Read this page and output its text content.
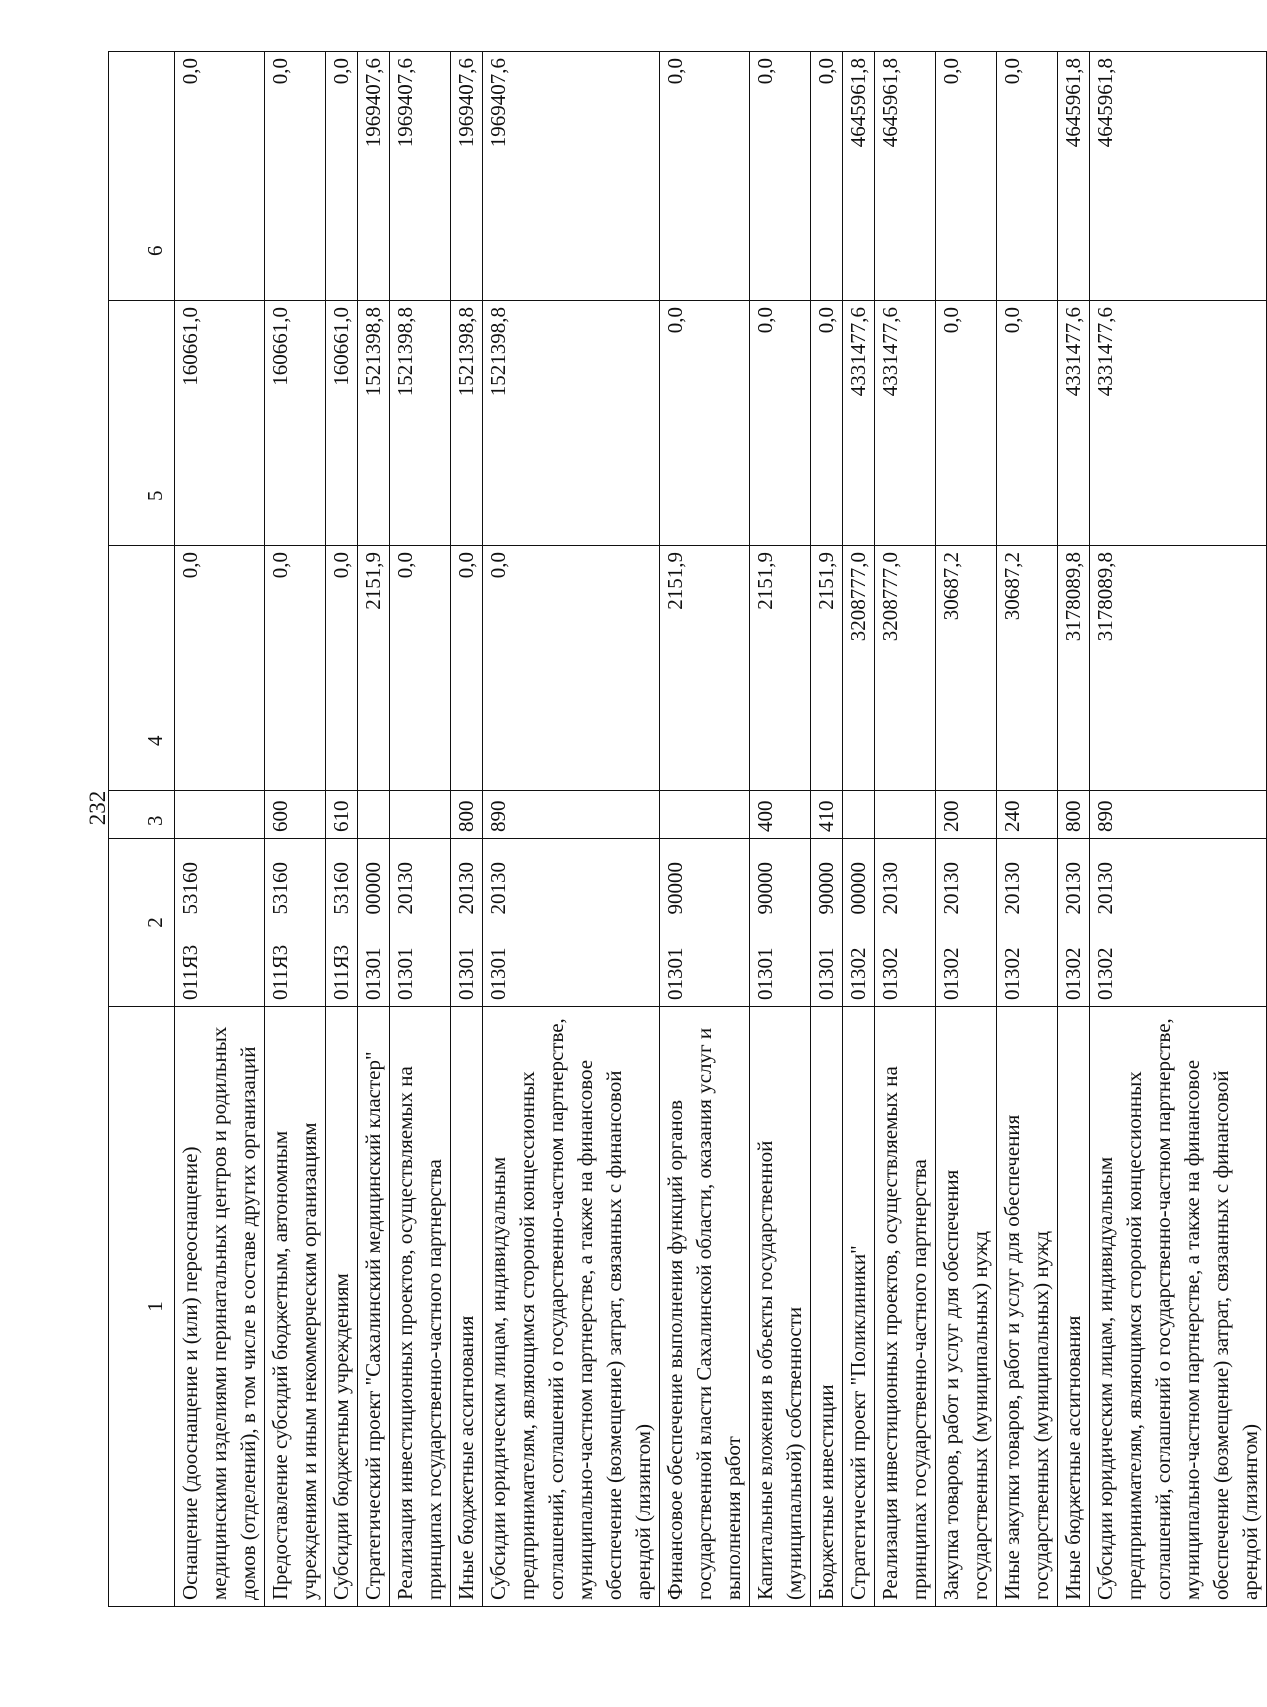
232
1	2		3	4	5	6
Оснащение (дооснащение и (или) переоснащение) медицинскими изделиями перинатальных центров и родильных домов (отделений), в том числе в составе других организаций	011Я3	53160		0,0	160661,0	0,0
Предоставление субсидий бюджетным, автономным учреждениям и иным некоммерческим организациям	011Я3	53160	600	0,0	160661,0	0,0
Субсидии бюджетным учреждениям	011Я3	53160	610	0,0	160661,0	0,0
Стратегический проект "Сахалинский медицинский кластер"	01301	00000		2151,9	1521398,8	1969407,6
Реализация инвестиционных проектов, осуществляемых на принципах государственно-частного партнерства	01301	20130		0,0	1521398,8	1969407,6
Иные бюджетные ассигнования	01301	20130	800	0,0	1521398,8	1969407,6
Субсидии юридическим лицам, индивидуальным предпринимателям, являющимся стороной концессионных соглашений, соглашений о государственно-частном партнерстве, муниципально-частном партнерстве, а также на финансовое обеспечение (возмещение) затрат, связанных с финансовой арендой (лизингом)	01301	20130	890	0,0	1521398,8	1969407,6
Финансовое обеспечение выполнения функций органов государственной власти Сахалинской области, оказания услуг и выполнения работ	01301	90000		2151,9	0,0	0,0
Капитальные вложения в объекты государственной (муниципальной) собственности	01301	90000	400	2151,9	0,0	0,0
Бюджетные инвестиции	01301	90000	410	2151,9	0,0	0,0
Стратегический проект "Поликлиники"	01302	00000		3208777,0	4331477,6	4645961,8
Реализация инвестиционных проектов, осуществляемых на принципах государственно-частного партнерства	01302	20130		3208777,0	4331477,6	4645961,8
Закупка товаров, работ и услуг для обеспечения государственных (муниципальных) нужд	01302	20130	200	30687,2	0,0	0,0
Иные закупки товаров, работ и услуг для обеспечения государственных (муниципальных) нужд	01302	20130	240	30687,2	0,0	0,0
Иные бюджетные ассигнования	01302	20130	800	3178089,8	4331477,6	4645961,8
Субсидии юридическим лицам, индивидуальным предпринимателям, являющимся стороной концессионных соглашений, соглашений о государственно-частном партнерстве, муниципально-частном партнерстве, а также на финансовое обеспечение (возмещение) затрат, связанных с финансовой арендой (лизингом)	01302	20130	890	3178089,8	4331477,6	4645961,8
